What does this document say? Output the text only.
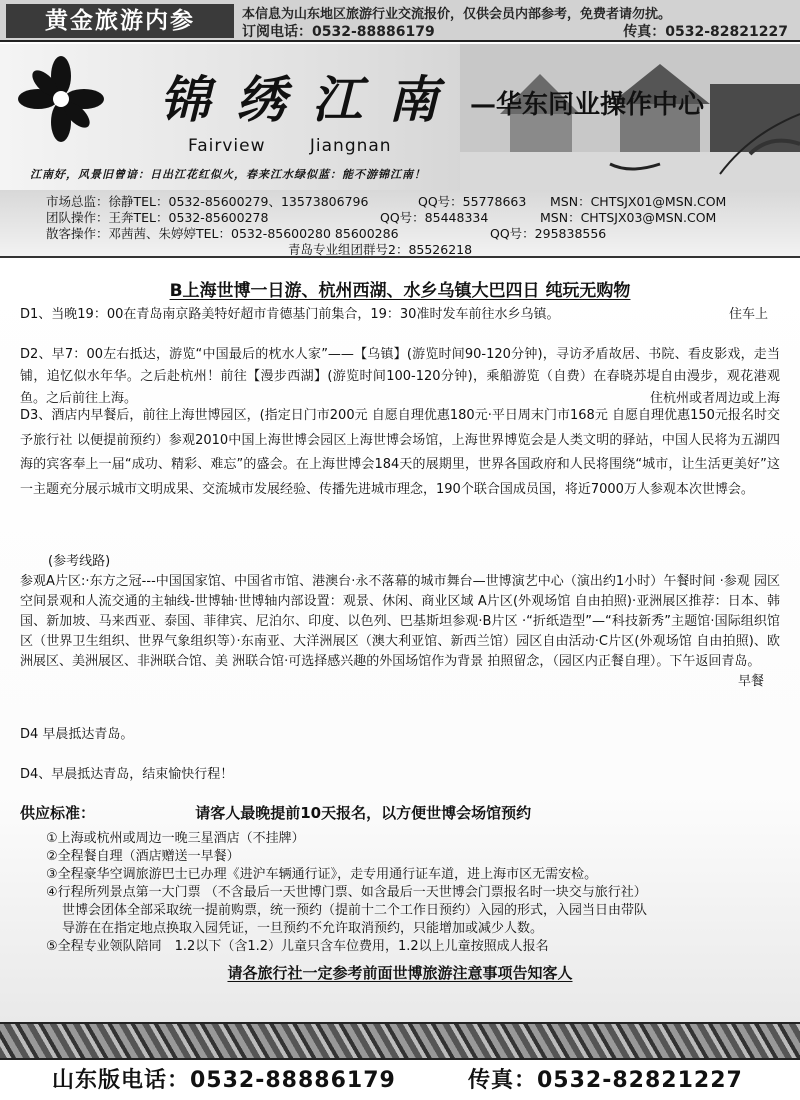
黄金旅游内参	本信息为山东地区旅游行业交流报价，仅供会员内部参考，免费者请勿扰。
订阅电话：0532-88886179	传真：0532-82821227
锦绣江南 —华东同业操作中心
Fairview Jiangnan
江南好，风景旧曾谙：日出江花红似火，春来江水绿似蓝：能不游锦江南！
市场总监：徐静TEL：0532-85600279、13573806796	QQ号：55778663 MSN：CHTSJX01@MSN.COM
团队操作：王奔TEL：0532-85600278	QQ号：85448334	MSN：CHTSJX03@MSN.COM
散客操作：邓茜茜、朱婷婷TEL：0532-85600280 85600286	QQ号：295838556
青岛专业组团群号2：85526218
B上海世博一日游、杭州西湖、水乡乌镇大巴四日 纯玩无购物
D1、当晚19：00在青岛南京路美特好超市肯德基门前集合，19：30准时发车前往水乡乌镇。	住车上
D2、早7：00左右抵达，游览“中国最后的枕水人家”——【乌镇】(游览时间90-120分钟)，寻访矛盾故居、书院、看皮影戏，走当铺，追忆似水年华。之后赴杭州！前往【漫步西湖】(游览时间100-120分钟)，乘船游览（自费）在春晓苏堤自由漫步，观花港观鱼。之后前往上海。	住杭州或者周边或上海
D3、酒店内早餐后，前往上海世博园区，(指定日门市200元 自愿自理优惠180元·平日周末门市168元 自愿自理优惠150元报名时交予旅行社 以便提前预约）参观2010中国上海世博会园区上海世博会场馆，上海世界博览会是人类文明的驿站，中国人民将为五湖四海的宾客奉上一届“成功、精彩、难忘”的盛会。在上海世博会184天的展期里，世界各国政府和人民将围绕“城市，让生活更美好”这一主题充分展示城市文明成果、交流城市发展经验、传播先进城市理念，190个联合国成员国，将近7000万人参观本次世博会。
(参考线路)
参观A片区:·东方之冠---中国国家馆、中国省市馆、港澳台·永不落幕的城市舞台—世博演艺中心（演出约1小时）午餐时间 ·参观 园区空间景观和人流交通的主轴线-世博轴·世博轴内部设置：观景、休闲、商业区域 A片区(外观场馆 自由拍照)·亚洲展区推荐：日本、韩国、新加坡、马来西亚、泰国、菲律宾、尼泊尔、印度、以色列、巴基斯坦参观·B片区 ·“折纸造型”—“科技新秀”主题馆·国际组织馆区（世界卫生组织、世界气象组织等）·东南亚、大洋洲展区（澳大利亚馆、新西兰馆）园区自由活动·C片区(外观场馆 自由拍照)、欧洲展区、美洲展区、非洲联合馆、美 洲联合馆·可选择感兴趣的外国场馆作为背景 拍照留念，（园区内正餐自理）。下午返回青岛。
早餐
D4 早晨抵达青岛。
D4、早晨抵达青岛，结束愉快行程！
供应标准：	请客人最晚提前10天报名，以方便世博会场馆预约
①上海或杭州或周边一晚三星酒店（不挂牌）
②全程餐自理（酒店赠送一早餐）
③全程豪华空调旅游巴士已办理《进沪车辆通行证》，走专用通行证车道，进上海市区无需安检。
④行程所列景点第一大门票 （不含最后一天世博门票、如含最后一天世博会门票报名时一块交与旅行社）
世博会团体全部采取统一提前购票，统一预约（提前十二个工作日预约）入园的形式，入园当日由带队
导游在在指定地点换取入园凭证，一旦预约不允许取消预约，只能增加或减少人数。
⑤全程专业领队陪同　1.2以下（含1.2）儿童只含车位费用，1.2以上儿童按照成人报名
请各旅行社一定参考前面世博旅游注意事项告知客人
山东版电话：0532-88886179	传真：0532-82821227
